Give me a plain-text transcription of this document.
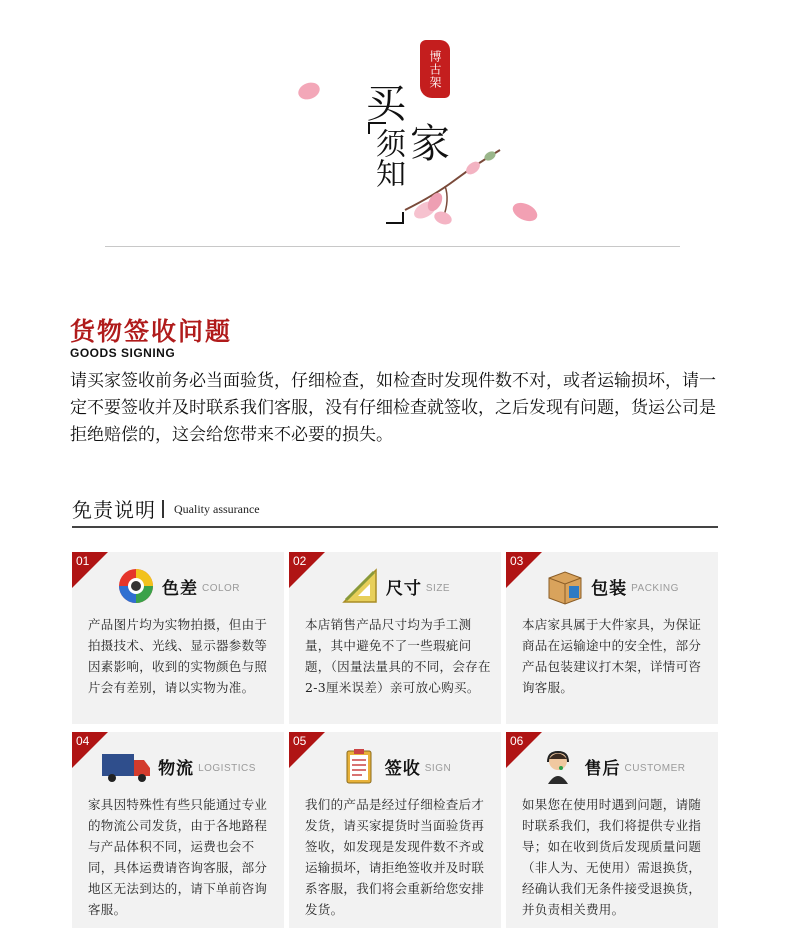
博古架
买
家
须知
货物签收问题
GOODS SIGNING

请买家签收前务必当面验货，仔细检查，如检查时发现件数不对，或者运输损坏，请一定不要签收并及时联系我们客服，没有仔细检查就签收，之后发现有问题，货运公司是拒绝赔偿的，这会给您带来不必要的损失。

免责说明 Quality assurance
01
色差 COLOR

产品图片均为实物拍摄，但由于拍摄技术、光线、显示器参数等因素影响，收到的实物颜色与照片会有差别，请以实物为准。

02
尺寸 SIZE

本店销售产品尺寸均为手工测量，其中避免不了一些瑕疵问题，（因量法量具的不同，会存在2-3厘米误差）亲可放心购买。

03
包装 PACKING

本店家具属于大件家具，为保证商品在运输途中的安全性，部分产品包装建议打木架，详情可咨询客服。

04
物流 LOGISTICS

家具因特殊性有些只能通过专业的物流公司发货，由于各地路程与产品体积不同，运费也会不同，具体运费请咨询客服，部分地区无法到达的，请下单前咨询客服。

05
签收 SIGN

我们的产品是经过仔细检查后才发货，请买家提货时当面验货再签收，如发现是发现件数不齐或运输损坏，请拒绝签收并及时联系客服，我们将会重新给您安排发货。

06
售后 CUSTOMER

如果您在使用时遇到问题，请随时联系我们，我们将提供专业指导；如在收到货后发现质量问题（非人为、无使用）需退换货，经确认我们无条件接受退换货，并负责相关费用。
